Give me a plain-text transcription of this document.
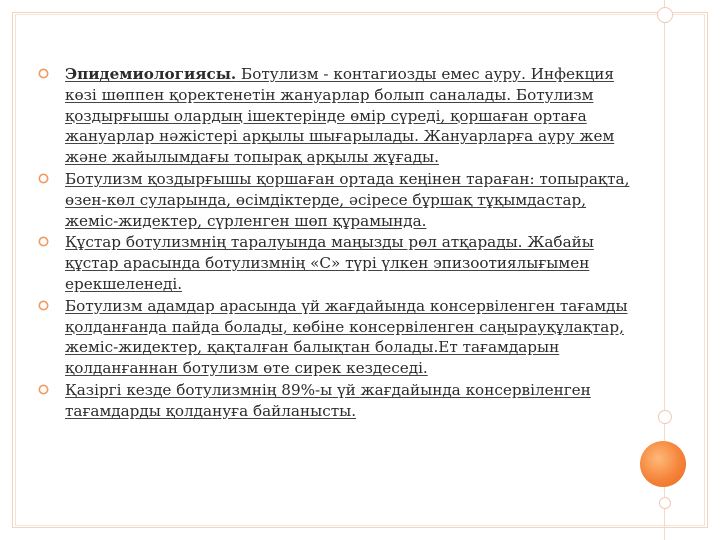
Эпидемиологиясы. Ботулизм - контагиозды емес ауру. Инфекция көзі шөппен қоректенетін жануарлар болып саналады. Ботулизм қоздырғышы олардың ішектерінде өмір сүреді, қоршаған ортаға жануарлар нәжістері арқылы шығарылады. Жануарларға ауру жем және жайылымдағы топырақ арқылы жұғады.
Ботулизм қоздырғышы қоршаған ортада кеңінен тараған: топырақта, өзен-көл суларында, өсімдіктерде, әсіресе бұршақ тұқымдастар, жеміс-жидектер, сүрленген шөп құрамында.
Құстар ботулизмнің таралуында маңызды рөл атқарады. Жабайы құстар арасында ботулизмнің «С» түрі үлкен эпизоотиялығымен ерекшеленеді.
Ботулизм адамдар арасында үй жағдайында консервіленген тағамды қолданғанда пайда болады, көбіне консервіленген саңырауқұлақтар, жеміс-жидектер, қақталған балықтан болады.Ет тағамдарын қолданғаннан ботулизм өте сирек кездеседі.
Қазіргі кезде ботулизмнің 89%-ы үй жағдайында консервіленген тағамдарды қолдануға байланысты.
